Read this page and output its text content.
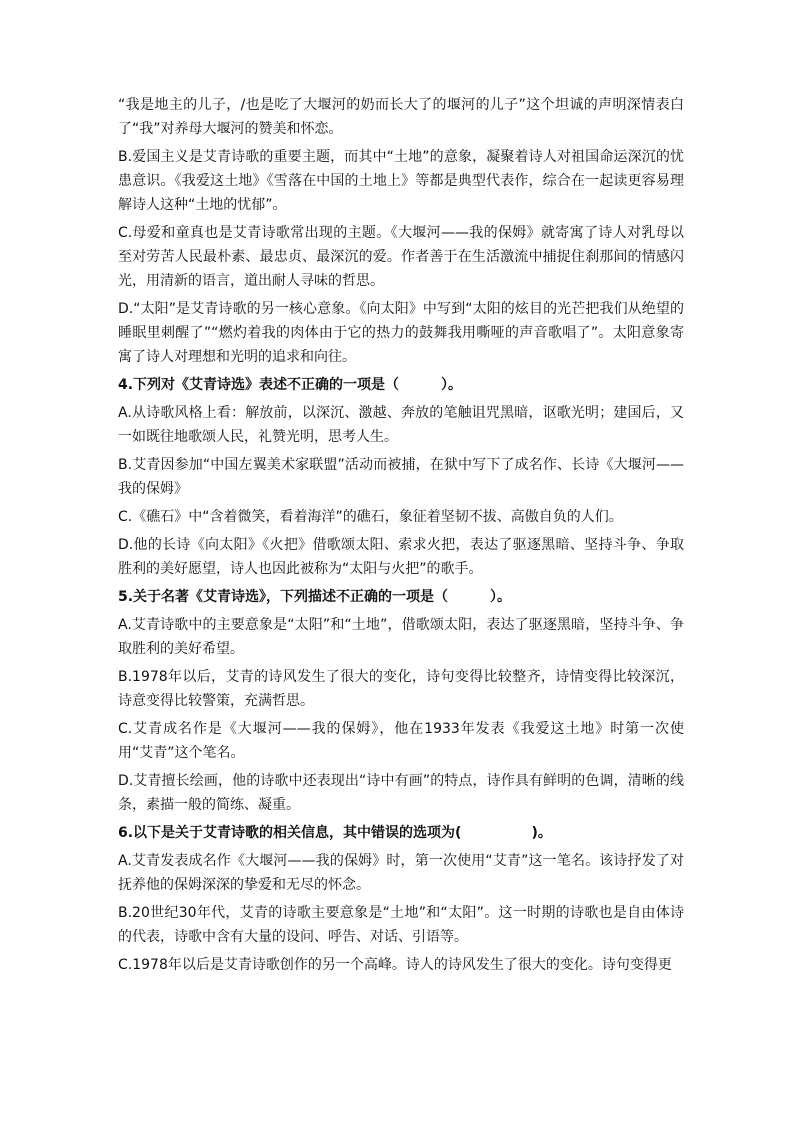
“我是地主的儿子，/也是吃了大堰河的奶而长大了的堰河的儿子”这个坦诚的声明深情表白了“我”对养母大堰河的赞美和怀恋。

B.爱国主义是艾青诗歌的重要主题，而其中“土地”的意象，凝聚着诗人对祖国命运深沉的忧患意识。《我爱这土地》《雪落在中国的土地上》等都是典型代表作，综合在一起读更容易理解诗人这种“土地的忧郁”。

C.母爱和童真也是艾青诗歌常出现的主题。《大堰河——我的保姆》就寄寓了诗人对乳母以至对劳苦人民最朴素、最忠贞、最深沉的爱。作者善于在生活激流中捕捉住刹那间的情感闪光，用清新的语言，道出耐人寻味的哲思。

D.“太阳”是艾青诗歌的另一核心意象。《向太阳》中写到“太阳的炫目的光芒把我们从绝望的睡眠里刺醒了”“燃灼着我的肉体由于它的热力的鼓舞我用嘶哑的声音歌唱了”。太阳意象寄寓了诗人对理想和光明的追求和向往。

4.下列对《艾青诗选》表述不正确的一项是（　　　）。

A.从诗歌风格上看：解放前，以深沉、激越、奔放的笔触诅咒黑暗，讴歌光明；建国后，又一如既往地歌颂人民，礼赞光明，思考人生。

B.艾青因参加“中国左翼美术家联盟”活动而被捕，在狱中写下了成名作、长诗《大堰河——我的保姆》

C.《礁石》中“含着微笑，看着海洋”的礁石，象征着坚韧不拔、高傲自负的人们。

D.他的长诗《向太阳》《火把》借歌颂太阳、索求火把，表达了驱逐黑暗、坚持斗争、争取胜利的美好愿望，诗人也因此被称为“太阳与火把”的歌手。

5.关于名著《艾青诗选》，下列描述不正确的一项是（　　　）。

A.艾青诗歌中的主要意象是“太阳”和“土地”，借歌颂太阳，表达了驱逐黑暗，坚持斗争、争取胜利的美好希望。

B.1978年以后，艾青的诗风发生了很大的变化，诗句变得比较整齐，诗情变得比较深沉，诗意变得比较警策，充满哲思。

C.艾青成名作是《大堰河——我的保姆》，他在1933年发表《我爱这土地》时第一次使用“艾青”这个笔名。

D.艾青擅长绘画，他的诗歌中还表现出“诗中有画”的特点，诗作具有鲜明的色调，清晰的线条，素描一般的简练、凝重。

6.以下是关于艾青诗歌的相关信息，其中错误的选项为(　　　　　)。

A.艾青发表成名作《大堰河——我的保姆》时，第一次使用“艾青”这一笔名。该诗抒发了对抚养他的保姆深深的挚爱和无尽的怀念。

B.20世纪30年代，艾青的诗歌主要意象是“土地”和“太阳”。这一时期的诗歌也是自由体诗的代表，诗歌中含有大量的设问、呼告、对话、引语等。

C.1978年以后是艾青诗歌创作的另一个高峰。诗人的诗风发生了很大的变化。诗句变得更
